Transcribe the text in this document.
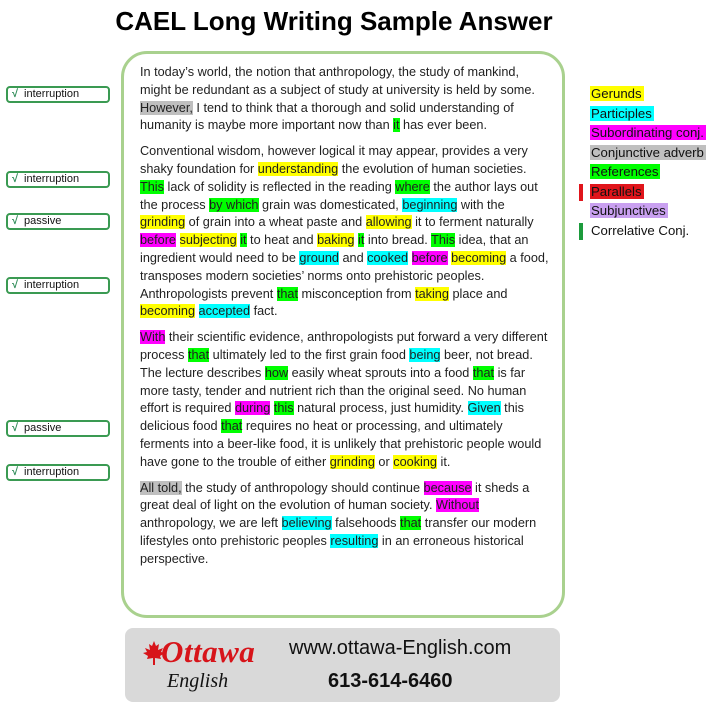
CAEL Long Writing Sample Answer
√ interruption
√ interruption
√ passive
√ interruption
√ passive
√ interruption

In today’s world, the notion that anthropology, the study of mankind, might be redundant as a subject of study at university is held by some. However, I tend to think that a thorough and solid understanding of humanity is maybe more important now than it has ever been.

Conventional wisdom, however logical it may appear, provides a very shaky foundation for understanding the evolution of human societies. This lack of solidity is reflected in the reading where the author lays out the process by which grain was domesticated, beginning with the grinding of grain into a wheat paste and allowing it to ferment naturally before subjecting it to heat and baking it into bread. This idea, that an ingredient would need to be ground and cooked before becoming a food, transposes modern societies’ norms onto prehistoric peoples. Anthropologists prevent that misconception from taking place and becoming accepted fact.

With their scientific evidence, anthropologists put forward a very different process that ultimately led to the first grain food being beer, not bread. The lecture describes how easily wheat sprouts into a food that is far more tasty, tender and nutrient rich than the original seed. No human effort is required during this natural process, just humidity. Given this delicious food that requires no heat or processing, and ultimately ferments into a beer-like food, it is unlikely that prehistoric people would have gone to the trouble of either grinding or cooking it.

All told, the study of anthropology should continue because it sheds a great deal of light on the evolution of human society. Without anthropology, we are left believing falsehoods that transfer our modern lifestyles onto prehistoric peoples resulting in an erroneous historical perspective.

Gerunds
Participles
Subordinating conj.
Conjunctive adverb
References
Parallels
Subjunctives
Correlative Conj.
Ottawa
English
www.ottawa-English.com
613-614-6460
